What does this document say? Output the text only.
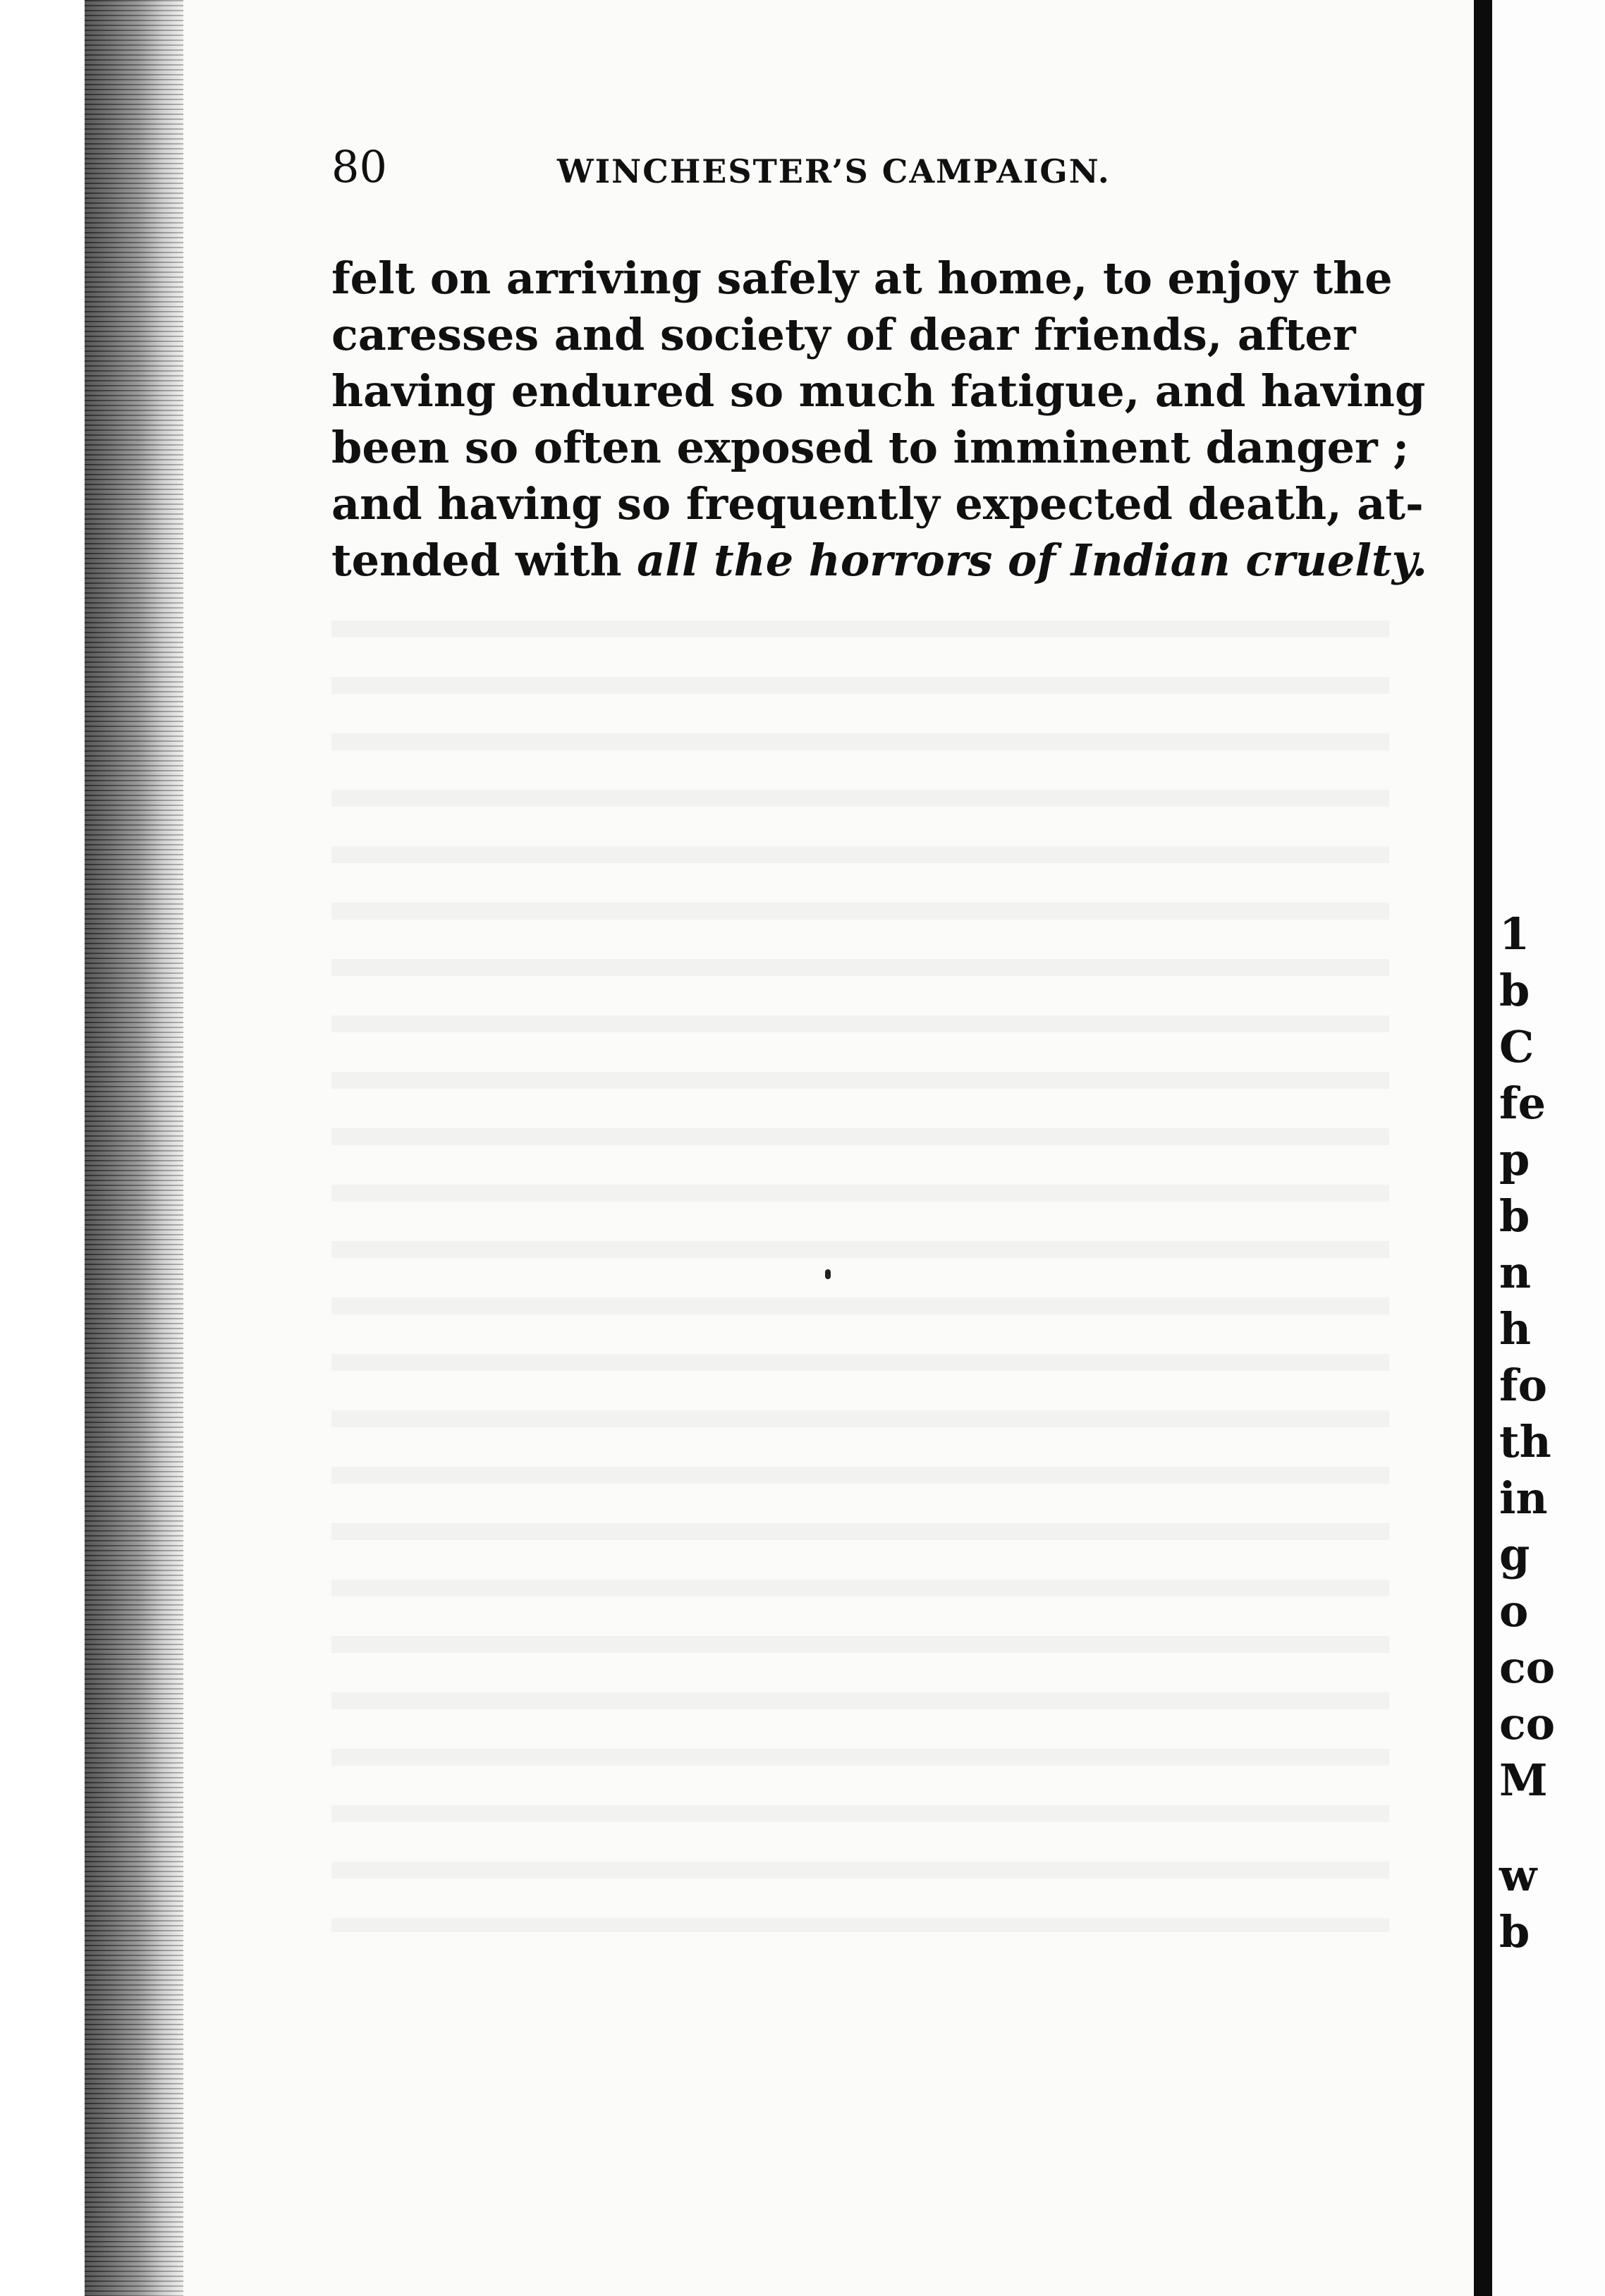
80	WINCHESTER’S CAMPAIGN.
felt on arriving safely at home, to enjoy the
caresses and society of dear friends, after
having endured so much fatigue, and having
been so often exposed to imminent danger ;
and having so frequently expected death, at-
tended with all the horrors of Indian cruelty.
1
b
C
fe
p
b
n
h
fo
th
in
g
o
co
co
M
w
b
